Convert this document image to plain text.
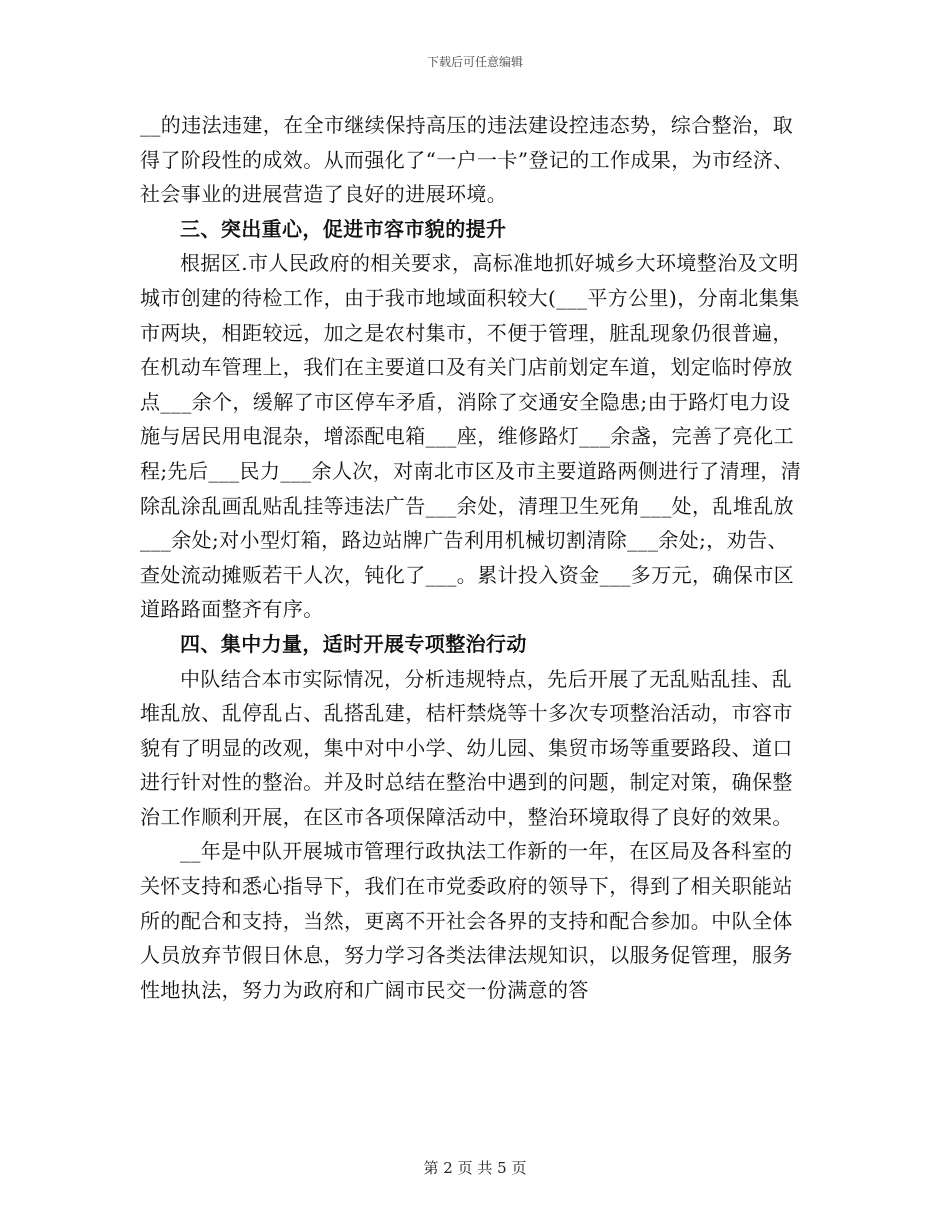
下载后可任意编辑

__的违法违建，在全市继续保持高压的违法建设控违态势，综合整治，取得了阶段性的成效。从而强化了“一户一卡”登记的工作成果，为市经济、社会事业的进展营造了良好的进展环境。

三、突出重心，促进市容市貌的提升

根据区.市人民政府的相关要求，高标准地抓好城乡大环境整治及文明城市创建的待检工作，由于我市地域面积较大(___平方公里)，分南北集集市两块，相距较远，加之是农村集市，不便于管理，脏乱现象仍很普遍，在机动车管理上，我们在主要道口及有关门店前划定车道，划定临时停放点___余个，缓解了市区停车矛盾，消除了交通安全隐患;由于路灯电力设施与居民用电混杂，增添配电箱___座，维修路灯___余盏，完善了亮化工程;先后___民力___余人次，对南北市区及市主要道路两侧进行了清理，清除乱涂乱画乱贴乱挂等违法广告___余处，清理卫生死角___处，乱堆乱放___余处;对小型灯箱，路边站牌广告利用机械切割清除___余处;，劝告、查处流动摊贩若干人次，钝化了___。累计投入资金___多万元，确保市区道路路面整齐有序。

四、集中力量，适时开展专项整治行动

中队结合本市实际情况，分析违规特点，先后开展了无乱贴乱挂、乱堆乱放、乱停乱占、乱搭乱建，桔杆禁烧等十多次专项整治活动，市容市貌有了明显的改观，集中对中小学、幼儿园、集贸市场等重要路段、道口进行针对性的整治。并及时总结在整治中遇到的问题，制定对策，确保整治工作顺利开展，在区市各项保障活动中，整治环境取得了良好的效果。

__年是中队开展城市管理行政执法工作新的一年，在区局及各科室的关怀支持和悉心指导下，我们在市党委政府的领导下，得到了相关职能站所的配合和支持，当然，更离不开社会各界的支持和配合参加。中队全体人员放弃节假日休息，努力学习各类法律法规知识，以服务促管理，服务性地执法，努力为政府和广阔市民交一份满意的答

第 2 页 共 5 页
